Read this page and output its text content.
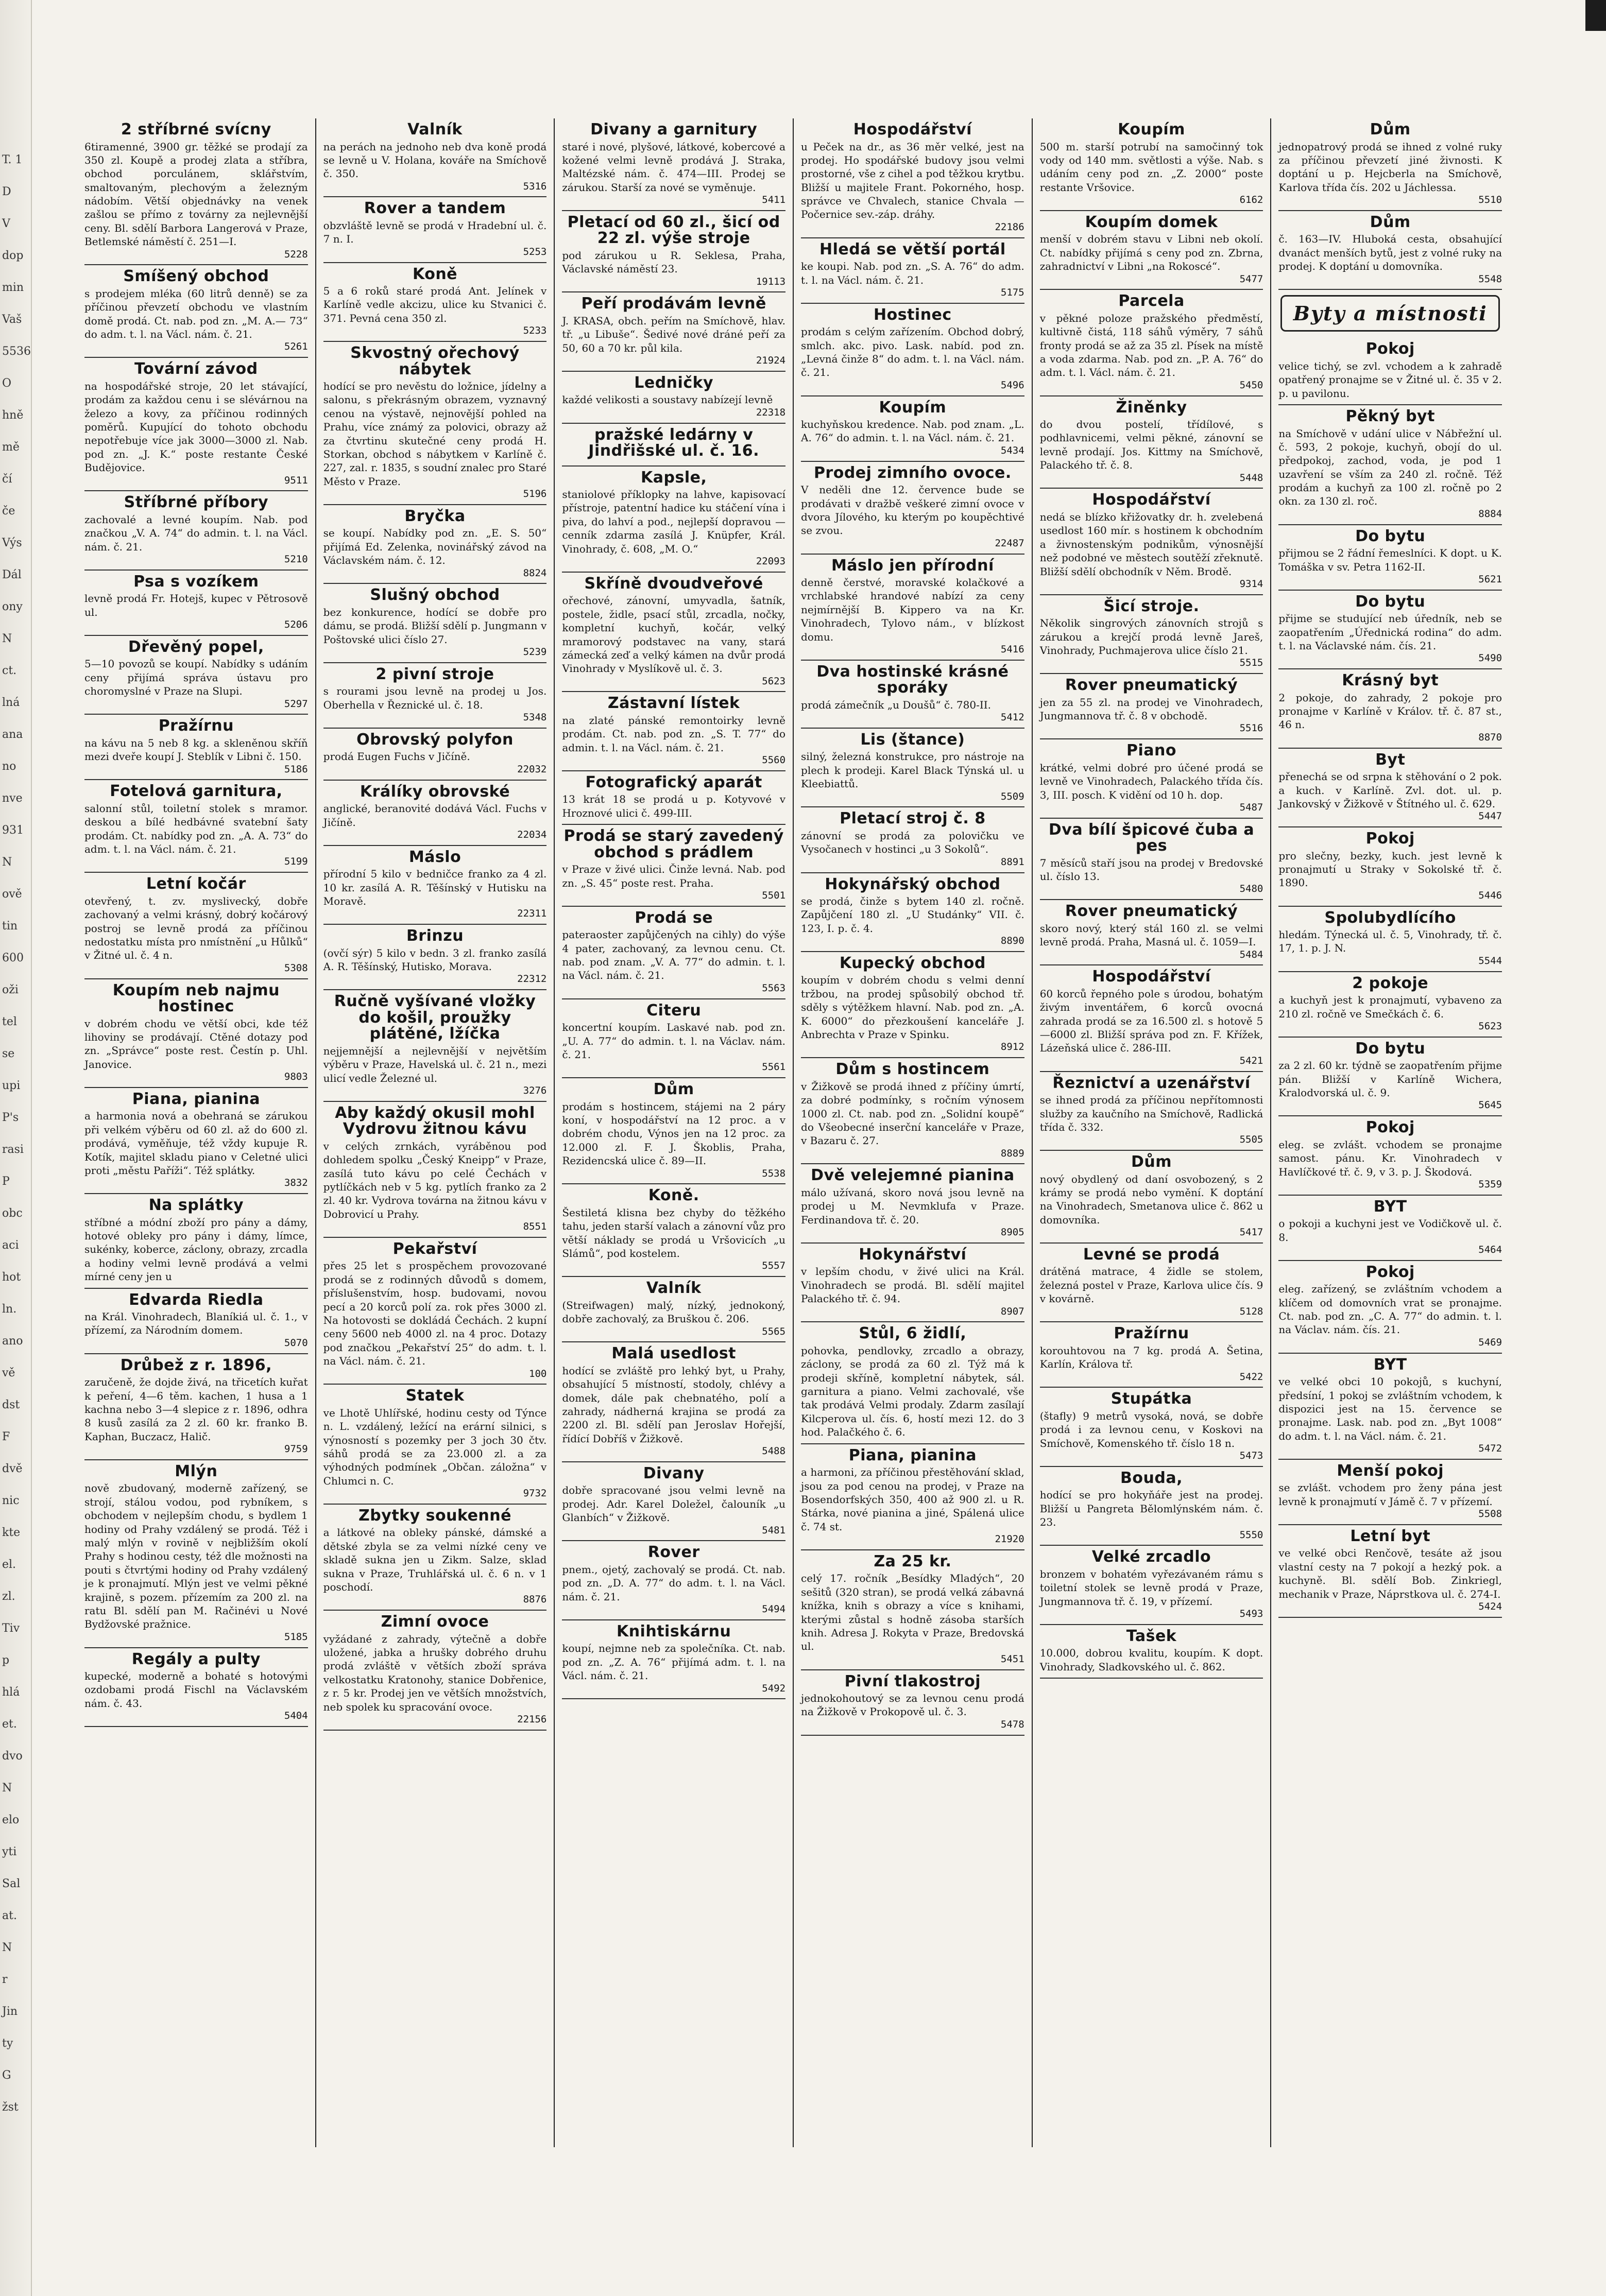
T. 1
D
V
dop
min
Vaš
5536
O
hně
mě
čí
če
Výs
Dál
ony
N
ct.
lná
ana
no
nve
931
N
ově
tin
600
oži
tel
se
upi
P's
rasi
P
obc
aci
hot
ln.
ano
vě
dst
F
dvě
nic
kte
el.
zl.
Tiv
p
hlá
et.
dvo
N
elo
yti
Sal
at.
N
r
Jin
ty
G
žst
2 stříbrné svícny

6tiramenné, 3900 gr. těžké se prodají za 350 zl. Koupě a prodej zlata a stříbra, obchod porculánem, sklářstvím, smaltovaným, plechovým a železným nádobím. Větší objednávky na venek zašlou se přímo z továrny za nejlevnější ceny. Bl. sdělí Barbora Langerová v Praze, Betlemské náměstí č. 251—I.

5228
Smíšený obchod

s prodejem mléka (60 litrů denně) se za příčinou převzetí obchodu ve vlastním domě prodá. Ct. nab. pod zn. „M. A.— 73“ do adm. t. l. na Václ. nám. č. 21.

5261
Tovární závod

na hospodářské stroje, 20 let stávající, prodám za každou cenu i se slévárnou na železo a kovy, za příčinou rodinných poměrů. Kupující do tohoto obchodu nepotřebuje více jak 3000—3000 zl. Nab. pod zn. „J. K.“ poste restante České Budějovice.

9511
Stříbrné příbory

zachovalé a levné koupím. Nab. pod značkou „V. A. 74“ do admin. t. l. na Václ. nám. č. 21.

5210
Psa s vozíkem

levně prodá Fr. Hotejš, kupec v Pětrosově ul.

5206
Dřevěný popel,

5—10 povozů se koupí. Nabídky s udáním ceny přijímá správa ústavu pro choromyslné v Praze na Slupi.

5297
Pražírnu

na kávu na 5 neb 8 kg. a skleněnou skříň mezi dveře koupí J. Steblík v Libni č. 150.

5186
Fotelová garnitura,

salonní stůl, toiletní stolek s mramor. deskou a bílé hedbávné svatební šaty prodám. Ct. nabídky pod zn. „A. A. 73“ do adm. t. l. na Václ. nám. č. 21.

5199
Letní kočár

otevřený, t. zv. myslivecký, dobře zachovaný a velmi krásný, dobrý kočárový postroj se levně prodá za příčinou nedostatku místa pro nmístnění „u Hůlků“ v Žitné ul. č. 4 n.

5308
Koupím neb najmu hostinec

v dobrém chodu ve větší obci, kde též lihoviny se prodávají. Ctěné dotazy pod zn. „Správce“ poste rest. Čestín p. Uhl. Janovice.

9803
Piana, pianina

a harmonia nová a obehraná se zárukou při velkém výběru od 60 zl. až do 600 zl. prodává, vyměňuje, též vždy kupuje R. Kotík, majitel skladu piano v Celetné ulici proti „městu Paříži“. Též splátky.

3832
Na splátky

stříbné a módní zboží pro pány a dámy, hotové obleky pro pány i dámy, límce, sukénky, koberce, záclony, obrazy, zrcadla a hodiny velmi levně prodává a velmi mírné ceny jen u

Edvarda Riedla

na Král. Vinohradech, Blaníkiá ul. č. 1., v přízemí, za Národním domem.

5070
Drůbež z r. 1896,

zaručeně, že dojde živá, na třicetích kuřat k peření, 4—6 těm. kachen, 1 husa a 1 kachna nebo 3—4 slepice z r. 1896, odhra 8 kusů zasílá za 2 zl. 60 kr. franko B. Kaphan, Buczacz, Halič.

9759
Mlýn

nově zbudovaný, moderně zařízený, se strojí, stálou vodou, pod rybníkem, s obchodem v nejlepším chodu, s bydlem 1 hodiny od Prahy vzdálený se prodá. Též i malý mlýn v rovině v nejbližším okolí Prahy s hodinou cesty, též dle možnosti na pouti s čtvrtými hodiny od Prahy vzdálený je k pronajmutí. Mlýn jest ve velmi pěkné krajině, s pozem. přízemím za 200 zl. na ratu Bl. sdělí pan M. Račinévi u Nové Bydžovské pražnice.

5185
Regály a pulty

kupecké, moderně a bohaté s hotovými ozdobami prodá Fischl na Václavském nám. č. 43.

5404
Valník

na perách na jednoho neb dva koně prodá se levně u V. Holana, kováře na Smíchově č. 350.

5316
Rover a tandem

obzvláště levně se prodá v Hradební ul. č. 7 n. I.

5253
Koně

5 a 6 roků staré prodá Ant. Jelínek v Karlíně vedle akcizu, ulice ku Stvanici č. 371. Pevná cena 350 zl.

5233
Skvostný ořechový nábytek

hodící se pro nevěstu do ložnice, jídelny a salonu, s překrásným obrazem, vyznavný cenou na výstavě, nejnovější pohled na Prahu, více známý za polovici, obrazy až za čtvrtinu skutečné ceny prodá H. Storkan, obchod s nábytkem v Karlíně č. 227, zal. r. 1835, s soudní znalec pro Staré Město v Praze.

5196
Bryčka

se koupí. Nabídky pod zn. „E. S. 50“ přijímá Ed. Zelenka, novinářský závod na Václavském nám. č. 12.

8824
Slušný obchod

bez konkurence, hodící se dobře pro dámu, se prodá. Bližší sdělí p. Jungmann v Poštovské ulici číslo 27.

5239
2 pivní stroje

s rourami jsou levně na prodej u Jos. Oberhella v Řeznické ul. č. 18.

5348
Obrovský polyfon

prodá Eugen Fuchs v Jičíně.

22032
Králíky obrovské

anglické, beranovité dodává Václ. Fuchs v Jičíně.

22034
Máslo

přírodní 5 kilo v bedničce franko za 4 zl. 10 kr. zasílá A. R. Těšínský v Hutisku na Moravě.

22311
Brinzu

(ovčí sýr) 5 kilo v bedn. 3 zl. franko zasílá A. R. Těšínský, Hutisko, Morava.

22312
Ručně vyšívané vložky do košil, proužky plátěné, lžíčka

nejjemnější a nejlevnější v největším výběru v Praze, Havelská ul. č. 21 n., mezi ulicí vedle Železné ul.

3276
Aby každý okusil mohl Vydrovu žitnou kávu

v celých zrnkách, vyráběnou pod dohledem spolku „Český Kneipp“ v Praze, zasílá tuto kávu po celé Čechách v pytlíčkách neb v 5 kg. pytlích franko za 2 zl. 40 kr. Vydrova továrna na žitnou kávu v Dobrovicí u Prahy.

8551
Pekařství

přes 25 let s prospěchem provozované prodá se z rodinných důvodů s domem, příslušenstvím, hosp. budovami, novou pecí a 20 korců polí za. rok přes 3000 zl. Na hotovosti se dokládá Čechách. 2 kupní ceny 5600 neb 4000 zl. na 4 proc. Dotazy pod značkou „Pekařství 25“ do adm. t. l. na Václ. nám. č. 21.

100
Statek

ve Lhotě Uhlířské, hodinu cesty od Týnce n. L. vzdálený, ležící na erární silnici, s výnosností s pozemky per 3 joch 30 čtv. sáhů prodá se za 23.000 zl. a za výhodných podmínek „Občan. záložna“ v Chlumci n. C.

9732
Zbytky soukenné

a látkové na obleky pánské, dámské a dětské zbyla se za velmi nízké ceny ve skladě sukna jen u Zikm. Salze, sklad sukna v Praze, Truhlářská ul. č. 6 n. v 1 poschodí.

8876
Zimní ovoce

vyžádané z zahrady, výtečně a dobře uložené, jabka a hrušky dobrého druhu prodá zvláště v větších zboží správa velkostatku Kratonohy, stanice Dobřenice, z r. 5 kr. Prodej jen ve větších množstvích, neb spolek ku spracování ovoce.

22156
Divany a garnitury

staré i nové, plyšové, látkové, kobercové a kožené velmi levně prodává J. Straka, Maltézské nám. č. 474—III. Prodej se zárukou. Starší za nové se vyměnuje.

5411
Pletací od 60 zl., šicí od 22 zl. výše stroje

pod zárukou u R. Seklesa, Praha, Václavské náměstí 23.

19113
Peří prodávám levně

J. KRASA, obch. peřím na Smíchově, hlav. tř. „u Libuše“. Šedivé nové dráné peří za 50, 60 a 70 kr. půl kila.

21924
Ledničky

každé velikosti a soustavy nabízejí levně

22318
pražské ledárny v Jindřišské ul. č. 16.
Kapsle,

staniolové příklopky na lahve, kapisovací přístroje, patentní hadice ku stáčení vína i piva, do lahví a pod., nejlepší dopravou — cenník zdarma zasílá J. Knüpfer, Král. Vinohrady, č. 608, „M. O.“

22093
Skříně dvoudveřové

ořechové, zánovní, umyvadla, šatník, postele, židle, psací stůl, zrcadla, nočky, kompletní kuchyň, kočár, velký mramorový podstavec na vany, stará zámecká zeď a velký kámen na dvůr prodá Vinohrady v Myslíkově ul. č. 3.

5623
Zástavní lístek

na zlaté pánské remontoirky levně prodám. Ct. nab. pod zn. „S. T. 77“ do admin. t. l. na Václ. nám. č. 21.

5560
Fotografický aparát

13 krát 18 se prodá u p. Kotyvové v Hroznové ulici č. 499-III.

Prodá se starý zavedený obchod s prádlem

v Praze v živé ulici. Činže levná. Nab. pod zn. „S. 45“ poste rest. Praha.

5501
Prodá se

pateraoster zapůjčených na cihly) do výše 4 pater, zachovaný, za levnou cenu. Ct. nab. pod znam. „V. A. 77“ do admin. t. l. na Václ. nám. č. 21.

5563
Citeru

koncertní koupím. Laskavé nab. pod zn. „U. A. 77“ do admin. t. l. na Václav. nám. č. 21.

5561
Dům

prodám s hostincem, stájemi na 2 páry koní, v hospodářství na 12 proc. a v dobrém chodu, Výnos jen na 12 proc. za 12.000 zl. F. J. Škoblis, Praha, Rezidencská ulice č. 89—II.

5538
Koně.

Šestiletá klisna bez chyby do těžkého tahu, jeden starší valach a zánovní vůz pro větší náklady se prodá u Vršovicích „u Slámů“, pod kostelem.

5557
Valník

(Streifwagen) malý, nízký, jednokoný, dobře zachovalý, za Bruškou č. 206.

5565
Malá usedlost

hodící se zvláště pro lehký byt, u Prahy, obsahující 5 místností, stodoly, chlévy a domek, dále pak chebnatého, polí a zahrady, nádherná krajina se prodá za 2200 zl. Bl. sdělí pan Jeroslav Hořejší, řídící Dobříš v Žižkově.

5488
Divany

dobře spracované jsou velmi levně na prodej. Adr. Karel Doležel, čalouník „u Glanbích“ v Žižkově.

5481
Rover

pnem., ojetý, zachovalý se prodá. Ct. nab. pod zn. „D. A. 77“ do adm. t. l. na Václ. nám. č. 21.

5494
Knihtiskárnu

koupí, nejmne neb za společníka. Ct. nab. pod zn. „Z. A. 76“ přijímá adm. t. l. na Václ. nám. č. 21.

5492
Hospodářství

u Peček na dr., as 36 měr velké, jest na prodej. Ho spodářské budovy jsou velmi prostorné, vše z cihel a pod těžkou krytbu. Bližší u majitele Frant. Pokorného, hosp. správce ve Chvalech, stanice Chvala — Počernice sev.-záp. dráhy.

22186
Hledá se větší portál

ke koupi. Nab. pod zn. „S. A. 76“ do adm. t. l. na Václ. nám. č. 21.

5175
Hostinec

prodám s celým zařízením. Obchod dobrý, smlch. akc. pivo. Lask. nabíd. pod zn. „Levná činže 8“ do adm. t. l. na Václ. nám. č. 21.

5496
Koupím

kuchyňskou kredence. Nab. pod znam. „L. A. 76“ do admin. t. l. na Václ. nám. č. 21.

5434
Prodej zimního ovoce.

V neděli dne 12. července bude se prodávati v dražbě veškeré zimní ovoce v dvora Jílového, ku kterým po koupěchtivé se zvou.

22487
Máslo jen přírodní

denně čerstvé, moravské kolačkové a vrchlabské hrandové nabízí za ceny nejmírnější B. Kippero va na Kr. Vinohradech, Tylovo nám., v blízkost domu.

5416
Dva hostinské krásné sporáky

prodá zámečník „u Doušů“ č. 780-II.

5412
Lis (štance)

silný, železná konstrukce, pro nástroje na plech k prodeji. Karel Black Týnská ul. u Kleebiattů.

5509
Pletací stroj č. 8

zánovní se prodá za polovičku ve Vysočanech v hostinci „u 3 Sokolů“.

8891
Hokynářský obchod

se prodá, činže s bytem 140 zl. ročně. Zapůjčení 180 zl. „U Studánky“ VII. č. 123, I. p. č. 4.

8890
Kupecký obchod

koupím v dobrém chodu s velmi denní tržbou, na prodej spůsobilý obchod tř. sděly s výtěžkem hlavní. Nab. pod zn. „A. K. 6000“ do přezkoušení kanceláře J. Anbrechta v Praze v Spinku.

8912
Dům s hostincem

v Žižkově se prodá ihned z příčiny úmrtí, za dobré podmínky, s ročním výnosem 1000 zl. Ct. nab. pod zn. „Solidní koupě“ do Všeobecné inserční kanceláře v Praze, v Bazaru č. 27.

8889
Dvě velejemné pianina

málo užívaná, skoro nová jsou levně na prodej u M. Nevmklufa v Praze. Ferdinandova tř. č. 20.

8905
Hokynářství

v lepším chodu, v živé ulici na Král. Vinohradech se prodá. Bl. sdělí majitel Palackého tř. č. 94.

8907
Stůl, 6 židlí,

pohovka, pendlovky, zrcadlo a obrazy, záclony, se prodá za 60 zl. Týž má k prodeji skříně, kompletní nábytek, sál. garnitura a piano. Velmi zachovalé, vše tak prodává Velmi prodaly. Zdarm zasílají Kilcperova ul. čís. 6, hostí mezi 12. do 3 hod. Palačkého č. 6.

Piana, pianina

a harmoni, za příčinou přestěhování sklad, jsou za pod cenou na prodej, v Praze na Bosendorfských 350, 400 až 900 zl. u R. Stárka, nové pianina a jiné, Spálená ulice č. 74 st.

21920
Za 25 kr.

celý 17. ročník „Besídky Mladých“, 20 sešitů (320 stran), se prodá velká zábavná knížka, knih s obrazy a více s knihami, kterými zůstal s hodně zásoba starších knih. Adresa J. Rokyta v Praze, Bredovská ul.

5451
Pivní tlakostroj

jednokohoutový se za levnou cenu prodá na Žižkově v Prokopově ul. č. 3.

5478
Koupím

500 m. starší potrubí na samočinný tok vody od 140 mm. světlosti a výše. Nab. s udáním ceny pod zn. „Z. 2000“ poste restante Vršovice.

6162
Koupím domek

menší v dobrém stavu v Libni neb okolí. Ct. nabídky přijímá s ceny pod zn. Zbrna, zahradnictví v Libni „na Rokoscé“.

5477
Parcela

v pěkné poloze pražského předměstí, kultivně čistá, 118 sáhů výměry, 7 sáhů fronty prodá se až za 35 zl. Písek na místě a voda zdarma. Nab. pod zn. „P. A. 76“ do adm. t. l. Václ. nám. č. 21.

5450
Žiněnky

do dvou postelí, třídílové, s podhlavnicemi, velmi pěkné, zánovní se levně prodají. Jos. Kittmy na Smíchově, Palackého tř. č. 8.

5448
Hospodářství

nedá se blízko křižovatky dr. h. zvelebená usedlost 160 mír. s hostinem k obchodním a živnostenským podnikům, výnosnější než podobné ve městech soutěží zřeknutě. Bližší sdělí obchodník v Něm. Brodě.

9314
Šicí stroje.

Několik singrových zánovních strojů s zárukou a krejčí prodá levně Jareš, Vinohrady, Puchmajerova ulice číslo 21.

5515
Rover pneumatický

jen za 55 zl. na prodej ve Vinohradech, Jungmannova tř. č. 8 v obchodě.

5516
Piano

krátké, velmi dobré pro účené prodá se levně ve Vinohradech, Palackého třída čís. 3, III. posch. K vidění od 10 h. dop.

5487
Dva bílí špicové čuba a pes

7 měsíců staří jsou na prodej v Bredovské ul. číslo 13.

5480
Rover pneumatický

skoro nový, který stál 160 zl. se velmi levně prodá. Praha, Masná ul. č. 1059—I.

5484
Hospodářství

60 korců řepného pole s úrodou, bohatým živým inventářem, 6 korců ovocná zahrada prodá se za 16.500 zl. s hotově 5—6000 zl. Bližší správa pod zn. F. Křížek, Lázeňská ulice č. 286-III.

5421
Řeznictví a uzenářství

se ihned prodá za příčinou nepřítomnosti služby za kaučního na Smíchově, Radlická třída č. 332.

5505
Dům

nový obydlený od daní osvobozený, s 2 krámy se prodá nebo vymění. K doptání na Vinohradech, Smetanova ulice č. 862 u domovníka.

5417
Levné se prodá

drátěná matrace, 4 židle se stolem, železná postel v Praze, Karlova ulice čís. 9 v kovárně.

5128
Pražírnu

korouhtovou na 7 kg. prodá A. Šetina, Karlín, Králova tř.

5422
Stupátka

(štafly) 9 metrů vysoká, nová, se dobře prodá i za levnou cenu, v Koskovi na Smíchově, Komenského tř. číslo 18 n.

5473
Bouda,

hodící se pro hokyňáře jest na prodej. Bližší u Pangreta Bělomlýnském nám. č. 23.

5550
Velké zrcadlo

bronzem v bohatém vyřezávaném rámu s toiletní stolek se levně prodá v Praze, Jungmannova tř. č. 19, v přízemí.

5493
Tašek

10.000, dobrou kvalitu, koupím. K dopt. Vinohrady, Sladkovského ul. č. 862.

Dům

jednopatrový prodá se ihned z volné ruky za příčinou převzetí jiné živnosti. K doptání u p. Hejcberla na Smíchově, Karlova třída čís. 202 u Jáchlessa.

5510
Dům

č. 163—IV. Hluboká cesta, obsahující dvanáct menších bytů, jest z volné ruky na prodej. K doptání u domovníka.

5548
Byty a místnosti
Pokoj

velice tichý, se zvl. vchodem a k zahradě opatřený pronajme se v Žitné ul. č. 35 v 2. p. u pavilonu.

Pěkný byt

na Smíchově v udání ulice v Nábřežní ul. č. 593, 2 pokoje, kuchyň, obojí do ul. předpokoj, zachod, voda, je pod 1 uzavření se vším za 240 zl. ročně. Též prodám a kuchyň za 100 zl. ročně po 2 okn. za 130 zl. roč.

8884
Do bytu

přijmou se 2 řádní řemeslníci. K dopt. u K. Tomáška v sv. Petra 1162-II.

5621
Do bytu

přijme se studující neb úředník, neb se zaopatřením „Úřednická rodina“ do adm. t. l. na Václavské nám. čís. 21.

5490
Krásný byt

2 pokoje, do zahrady, 2 pokoje pro pronajme v Karlíně v Králov. tř. č. 87 st., 46 n.

8870
Byt

přenechá se od srpna k stěhování o 2 pok. a kuch. v Karlíně. Zvl. dot. ul. p. Jankovský v Žižkově v Štítného ul. č. 629.

5447
Pokoj

pro slečny, bezky, kuch. jest levně k pronajmutí u Straky v Sokolské tř. č. 1890.

5446
Spolubydlícího

hledám. Týnecká ul. č. 5, Vinohrady, tř. č. 17, 1. p. J. N.

5544
2 pokoje

a kuchyň jest k pronajmutí, vybaveno za 210 zl. ročně ve Smečkách č. 6.

5623
Do bytu

za 2 zl. 60 kr. týdně se zaopatřením přijme pán. Bližší v Karlíně Wichera, Kralodvorská ul. č. 9.

5645
Pokoj

eleg. se zvlášt. vchodem se pronajme samost. pánu. Kr. Vinohradech v Havlíčkové tř. č. 9, v 3. p. J. Škodová.

5359
BYT

o pokoji a kuchyni jest ve Vodičkově ul. č. 8.

5464
Pokoj

eleg. zařízený, se zvláštním vchodem a klíčem od domovních vrat se pronajme. Ct. nab. pod zn. „C. A. 77“ do admin. t. l. na Václav. nám. čís. 21.

5469
BYT

ve velké obci 10 pokojů, s kuchyní, předsíní, 1 pokoj se zvláštním vchodem, k dispozici jest na 15. července se pronajme. Lask. nab. pod zn. „Byt 1008“ do adm. t. l. na Václ. nám. č. 21.

5472
Menší pokoj

se zvlášt. vchodem pro ženy pána jest levně k pronajmutí v Jámě č. 7 v přízemí.

5508
Letní byt

ve velké obci Renčově, tesáte až jsou vlastní cesty na 7 pokojí a hezký pok. a kuchyně. Bl. sdělí Bob. Zinkriegl, mechanik v Praze, Náprstkova ul. č. 274-I.

5424
